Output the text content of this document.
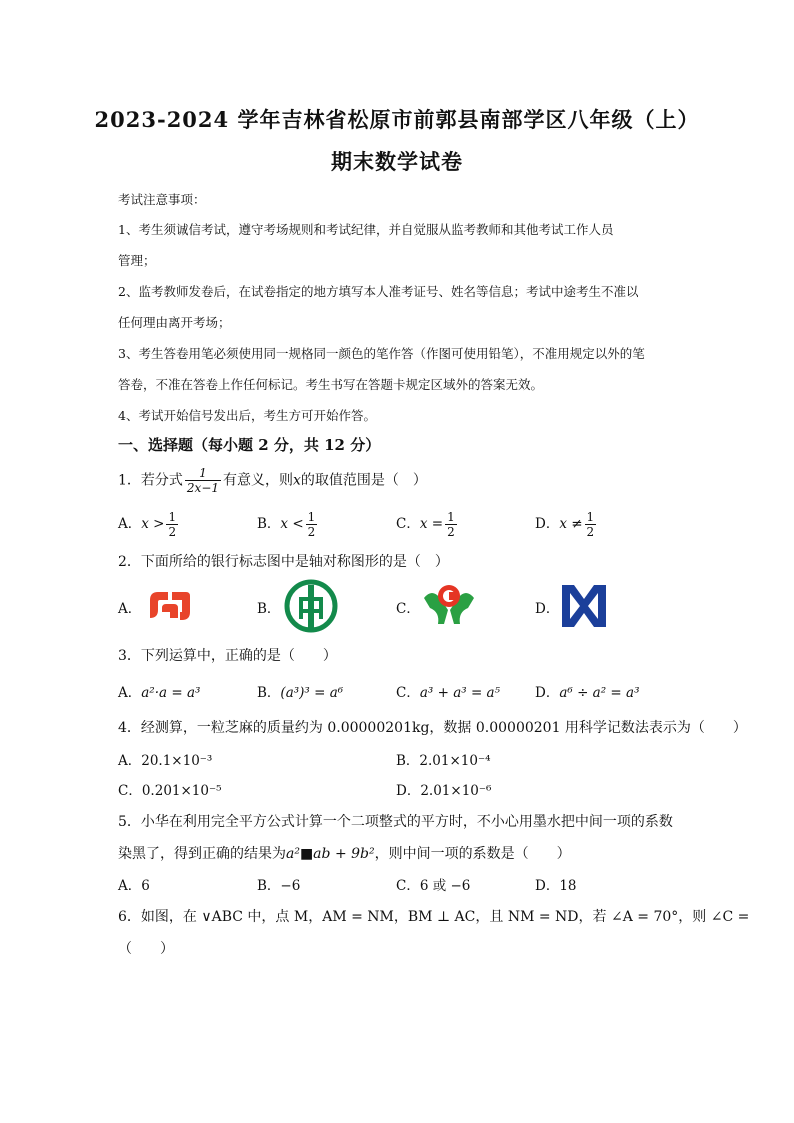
2023-2024 学年吉林省松原市前郭县南部学区八年级（上）
期末数学试卷
考试注意事项：
1、考生须诚信考试，遵守考场规则和考试纪律，并自觉服从监考教师和其他考试工作人员
管理；
2、监考教师发卷后，在试卷指定的地方填写本人准考证号、姓名等信息；考试中途考生不准以
任何理由离开考场；
3、考生答卷用笔必须使用同一规格同一颜色的笔作答（作图可使用铅笔），不准用规定以外的笔
答卷，不准在答卷上作任何标记。考生书写在答题卡规定区域外的答案无效。
4、考试开始信号发出后，考生方可开始作答。
一、选择题（每小题 2 分，共 12 分）
1．若分式 $\frac{1}{2x-1}$ 有意义，则x的取值范围是（　）
A．$x > \frac{1}{2}$	B．$x < \frac{1}{2}$	C．$x = \frac{1}{2}$	D．$x \ne \frac{1}{2}$
2．下面所给的银行标志图中是轴对称图形的是（　）
A．	B．	C．	D．
3．下列运算中，正确的是（　　）
A．a²·a = a³	B．(a³)³ = a⁶	C．a³ + a³ = a⁵	D．a⁶ ÷ a² = a³
4．经测算，一粒芝麻的质量约为 0.00000201kg，数据 0.00000201 用科学记数法表示为（　　）
A．20.1×10⁻³	B．2.01×10⁻⁴
C．0.201×10⁻⁵	D．2.01×10⁻⁶
5．小华在利用完全平方公式计算一个二项整式的平方时，不小心用墨水把中间一项的系数
染黑了，得到正确的结果为a²■ab + 9b²，则中间一项的系数是（　　）
A．6	B．−6	C．6 或 −6	D．18
6．如图，在 ∨ABC 中，点 M，AM = NM，BM ⊥ AC，且 NM = ND，若 ∠A = 70°，则 ∠C =
（　　）
